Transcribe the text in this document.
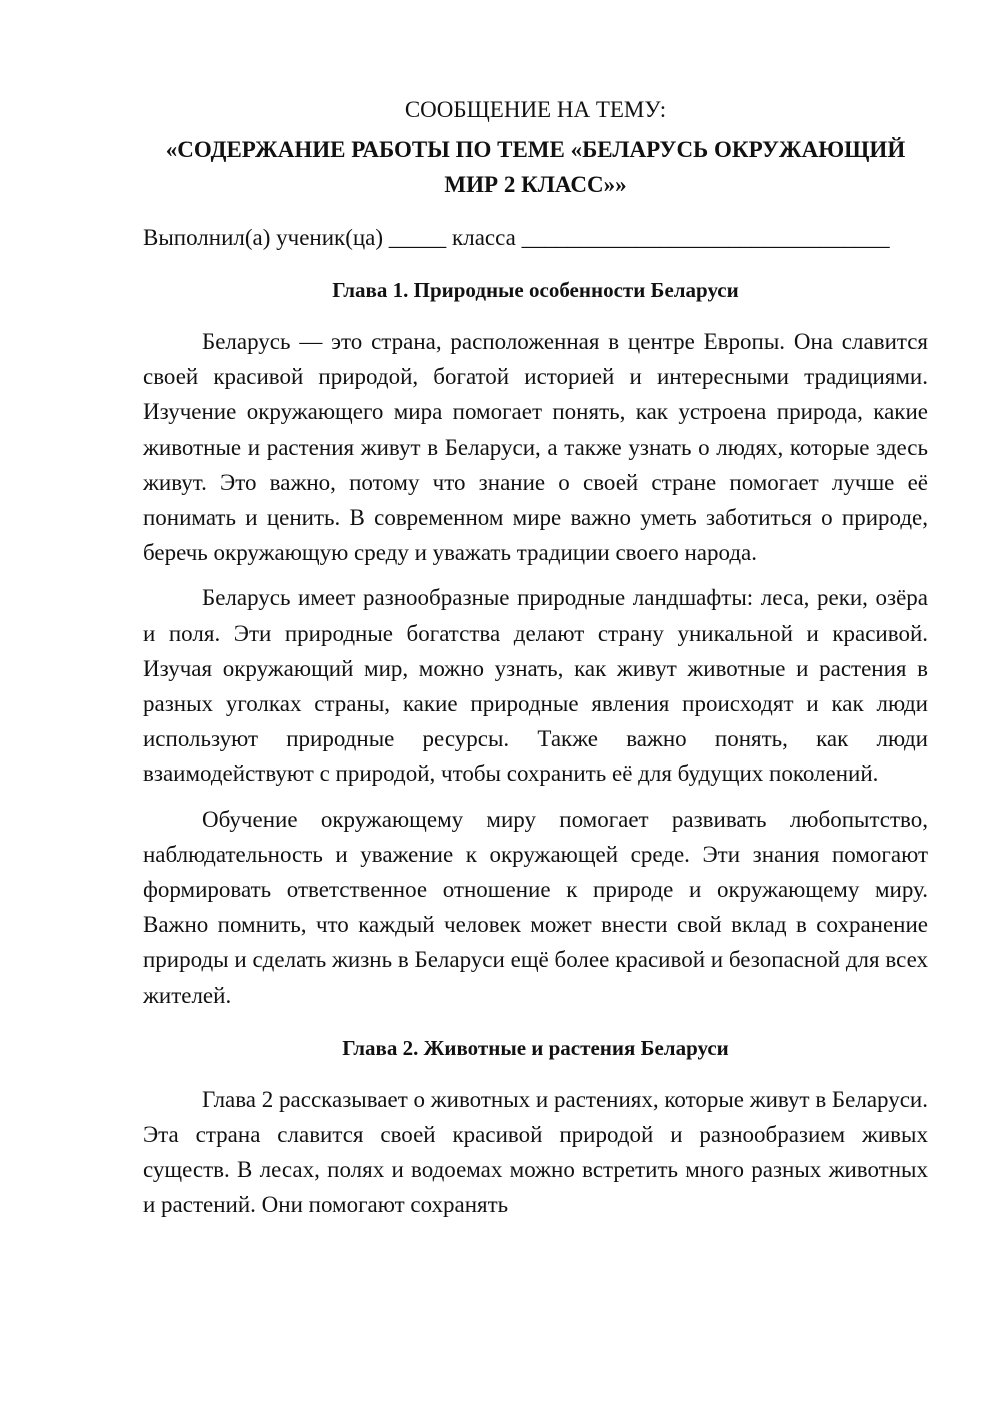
СООБЩЕНИЕ НА ТЕМУ:

«СОДЕРЖАНИЕ РАБОТЫ ПО ТЕМЕ «БЕЛАРУСЬ ОКРУЖАЮЩИЙ МИР 2 КЛАСС»»

Выполнил(а) ученик(ца) _____ класса ________________________________

Глава 1. Природные особенности Беларуси

Беларусь — это страна, расположенная в центре Европы. Она славится своей красивой природой, богатой историей и интересными традициями. Изучение окружающего мира помогает понять, как устроена природа, какие животные и растения живут в Беларуси, а также узнать о людях, которые здесь живут. Это важно, потому что знание о своей стране помогает лучше её понимать и ценить. В современном мире важно уметь заботиться о природе, беречь окружающую среду и уважать традиции своего народа.

Беларусь имеет разнообразные природные ландшафты: леса, реки, озёра и поля. Эти природные богатства делают страну уникальной и красивой. Изучая окружающий мир, можно узнать, как живут животные и растения в разных уголках страны, какие природные явления происходят и как люди используют природные ресурсы. Также важно понять, как люди взаимодействуют с природой, чтобы сохранить её для будущих поколений.

Обучение окружающему миру помогает развивать любопытство, наблюдательность и уважение к окружающей среде. Эти знания помогают формировать ответственное отношение к природе и окружающему миру. Важно помнить, что каждый человек может внести свой вклад в сохранение природы и сделать жизнь в Беларуси ещё более красивой и безопасной для всех жителей.

Глава 2. Животные и растения Беларуси

Глава 2 рассказывает о животных и растениях, которые живут в Беларуси. Эта страна славится своей красивой природой и разнообразием живых существ. В лесах, полях и водоемах можно встретить много разных животных и растений. Они помогают сохранять
